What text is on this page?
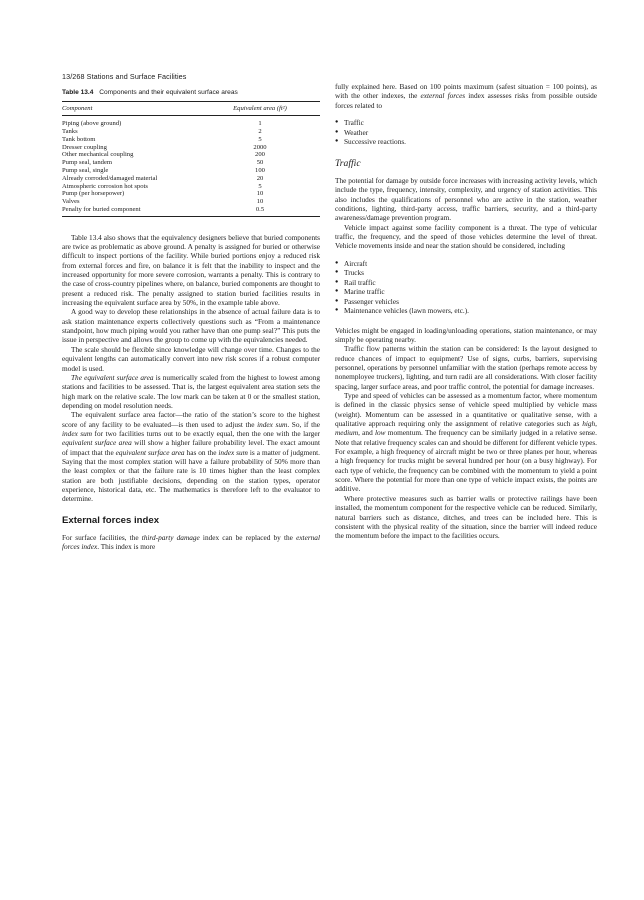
13/268 Stations and Surface Facilities
Table 13.4 Components and their equivalent surface areas
Component	Equivalent area (ft²)
Piping (above ground)	1
Tanks	2
Tank bottom	5
Dresser coupling	2000
Other mechanical coupling	200
Pump seal, tandem	50
Pump seal, single	100
Already corroded/damaged material	20
Atmospheric corrosion hot spots	5
Pump (per horsepower)	10
Valves	10
Penalty for buried component	0.5

Table 13.4 also shows that the equivalency designers believe that buried components are twice as problematic as above ground. A penalty is assigned for buried or otherwise difficult to inspect portions of the facility. While buried portions enjoy a reduced risk from external forces and fire, on balance it is felt that the inability to inspect and the increased opportunity for more severe corrosion, warrants a penalty. This is contrary to the case of cross-country pipelines where, on balance, buried components are thought to present a reduced risk. The penalty assigned to station buried facilities results in increasing the equivalent surface area by 50%, in the example table above.

A good way to develop these relationships in the absence of actual failure data is to ask station maintenance experts collectively questions such as “From a maintenance standpoint, how much piping would you rather have than one pump seal?” This puts the issue in perspective and allows the group to come up with the equivalencies needed.

The scale should be flexible since knowledge will change over time. Changes to the equivalent lengths can automatically convert into new risk scores if a robust computer model is used.

The equivalent surface area is numerically scaled from the highest to lowest among stations and facilities to be assessed. That is, the largest equivalent area station sets the high mark on the relative scale. The low mark can be taken at 0 or the smallest station, depending on model resolution needs.

The equivalent surface area factor—the ratio of the station’s score to the highest score of any facility to be evaluated—is then used to adjust the index sum. So, if the index sum for two facilities turns out to be exactly equal, then the one with the larger equivalent surface area will show a higher failure probability level. The exact amount of impact that the equivalent surface area has on the index sum is a matter of judgment. Saying that the most complex station will have a failure probability of 50% more than the least complex or that the failure rate is 10 times higher than the least complex station are both justifiable decisions, depending on the station types, operator experience, historical data, etc. The mathematics is therefore left to the evaluator to determine.

External forces index

For surface facilities, the third-party damage index can be replaced by the external forces index. This index is more

fully explained here. Based on 100 points maximum (safest situation = 100 points), as with the other indexes, the external forces index assesses risks from possible outside forces related to

● Traffic
● Weather
● Successive reactions.
Traffic

The potential for damage by outside force increases with increasing activity levels, which include the type, frequency, intensity, complexity, and urgency of station activities. This also includes the qualifications of personnel who are active in the station, weather conditions, lighting, third-party access, traffic barriers, security, and a third-party awareness/damage prevention program.

Vehicle impact against some facility component is a threat. The type of vehicular traffic, the frequency, and the speed of those vehicles determine the level of threat. Vehicle movements inside and near the station should be considered, including

● Aircraft
● Trucks
● Rail traffic
● Marine traffic
● Passenger vehicles
● Maintenance vehicles (lawn mowers, etc.).

Vehicles might be engaged in loading/unloading operations, station maintenance, or may simply be operating nearby.

Traffic flow patterns within the station can be considered: Is the layout designed to reduce chances of impact to equipment? Use of signs, curbs, barriers, supervising personnel, operations by personnel unfamiliar with the station (perhaps remote access by nonemployee truckers), lighting, and turn radii are all considerations. With closer facility spacing, larger surface areas, and poor traffic control, the potential for damage increases.

Type and speed of vehicles can be assessed as a momentum factor, where momentum is defined in the classic physics sense of vehicle speed multiplied by vehicle mass (weight). Momentum can be assessed in a quantitative or qualitative sense, with a qualitative approach requiring only the assignment of relative categories such as high, medium, and low momentum. The frequency can be similarly judged in a relative sense. Note that relative frequency scales can and should be different for different vehicle types. For example, a high frequency of aircraft might be two or three planes per hour, whereas a high frequency for trucks might be several hundred per hour (on a busy highway). For each type of vehicle, the frequency can be combined with the momentum to yield a point score. Where the potential for more than one type of vehicle impact exists, the points are additive.

Where protective measures such as barrier walls or protective railings have been installed, the momentum component for the respective vehicle can be reduced. Similarly, natural barriers such as distance, ditches, and trees can be included here. This is consistent with the physical reality of the situation, since the barrier will indeed reduce the momentum before the impact to the facilities occurs.
